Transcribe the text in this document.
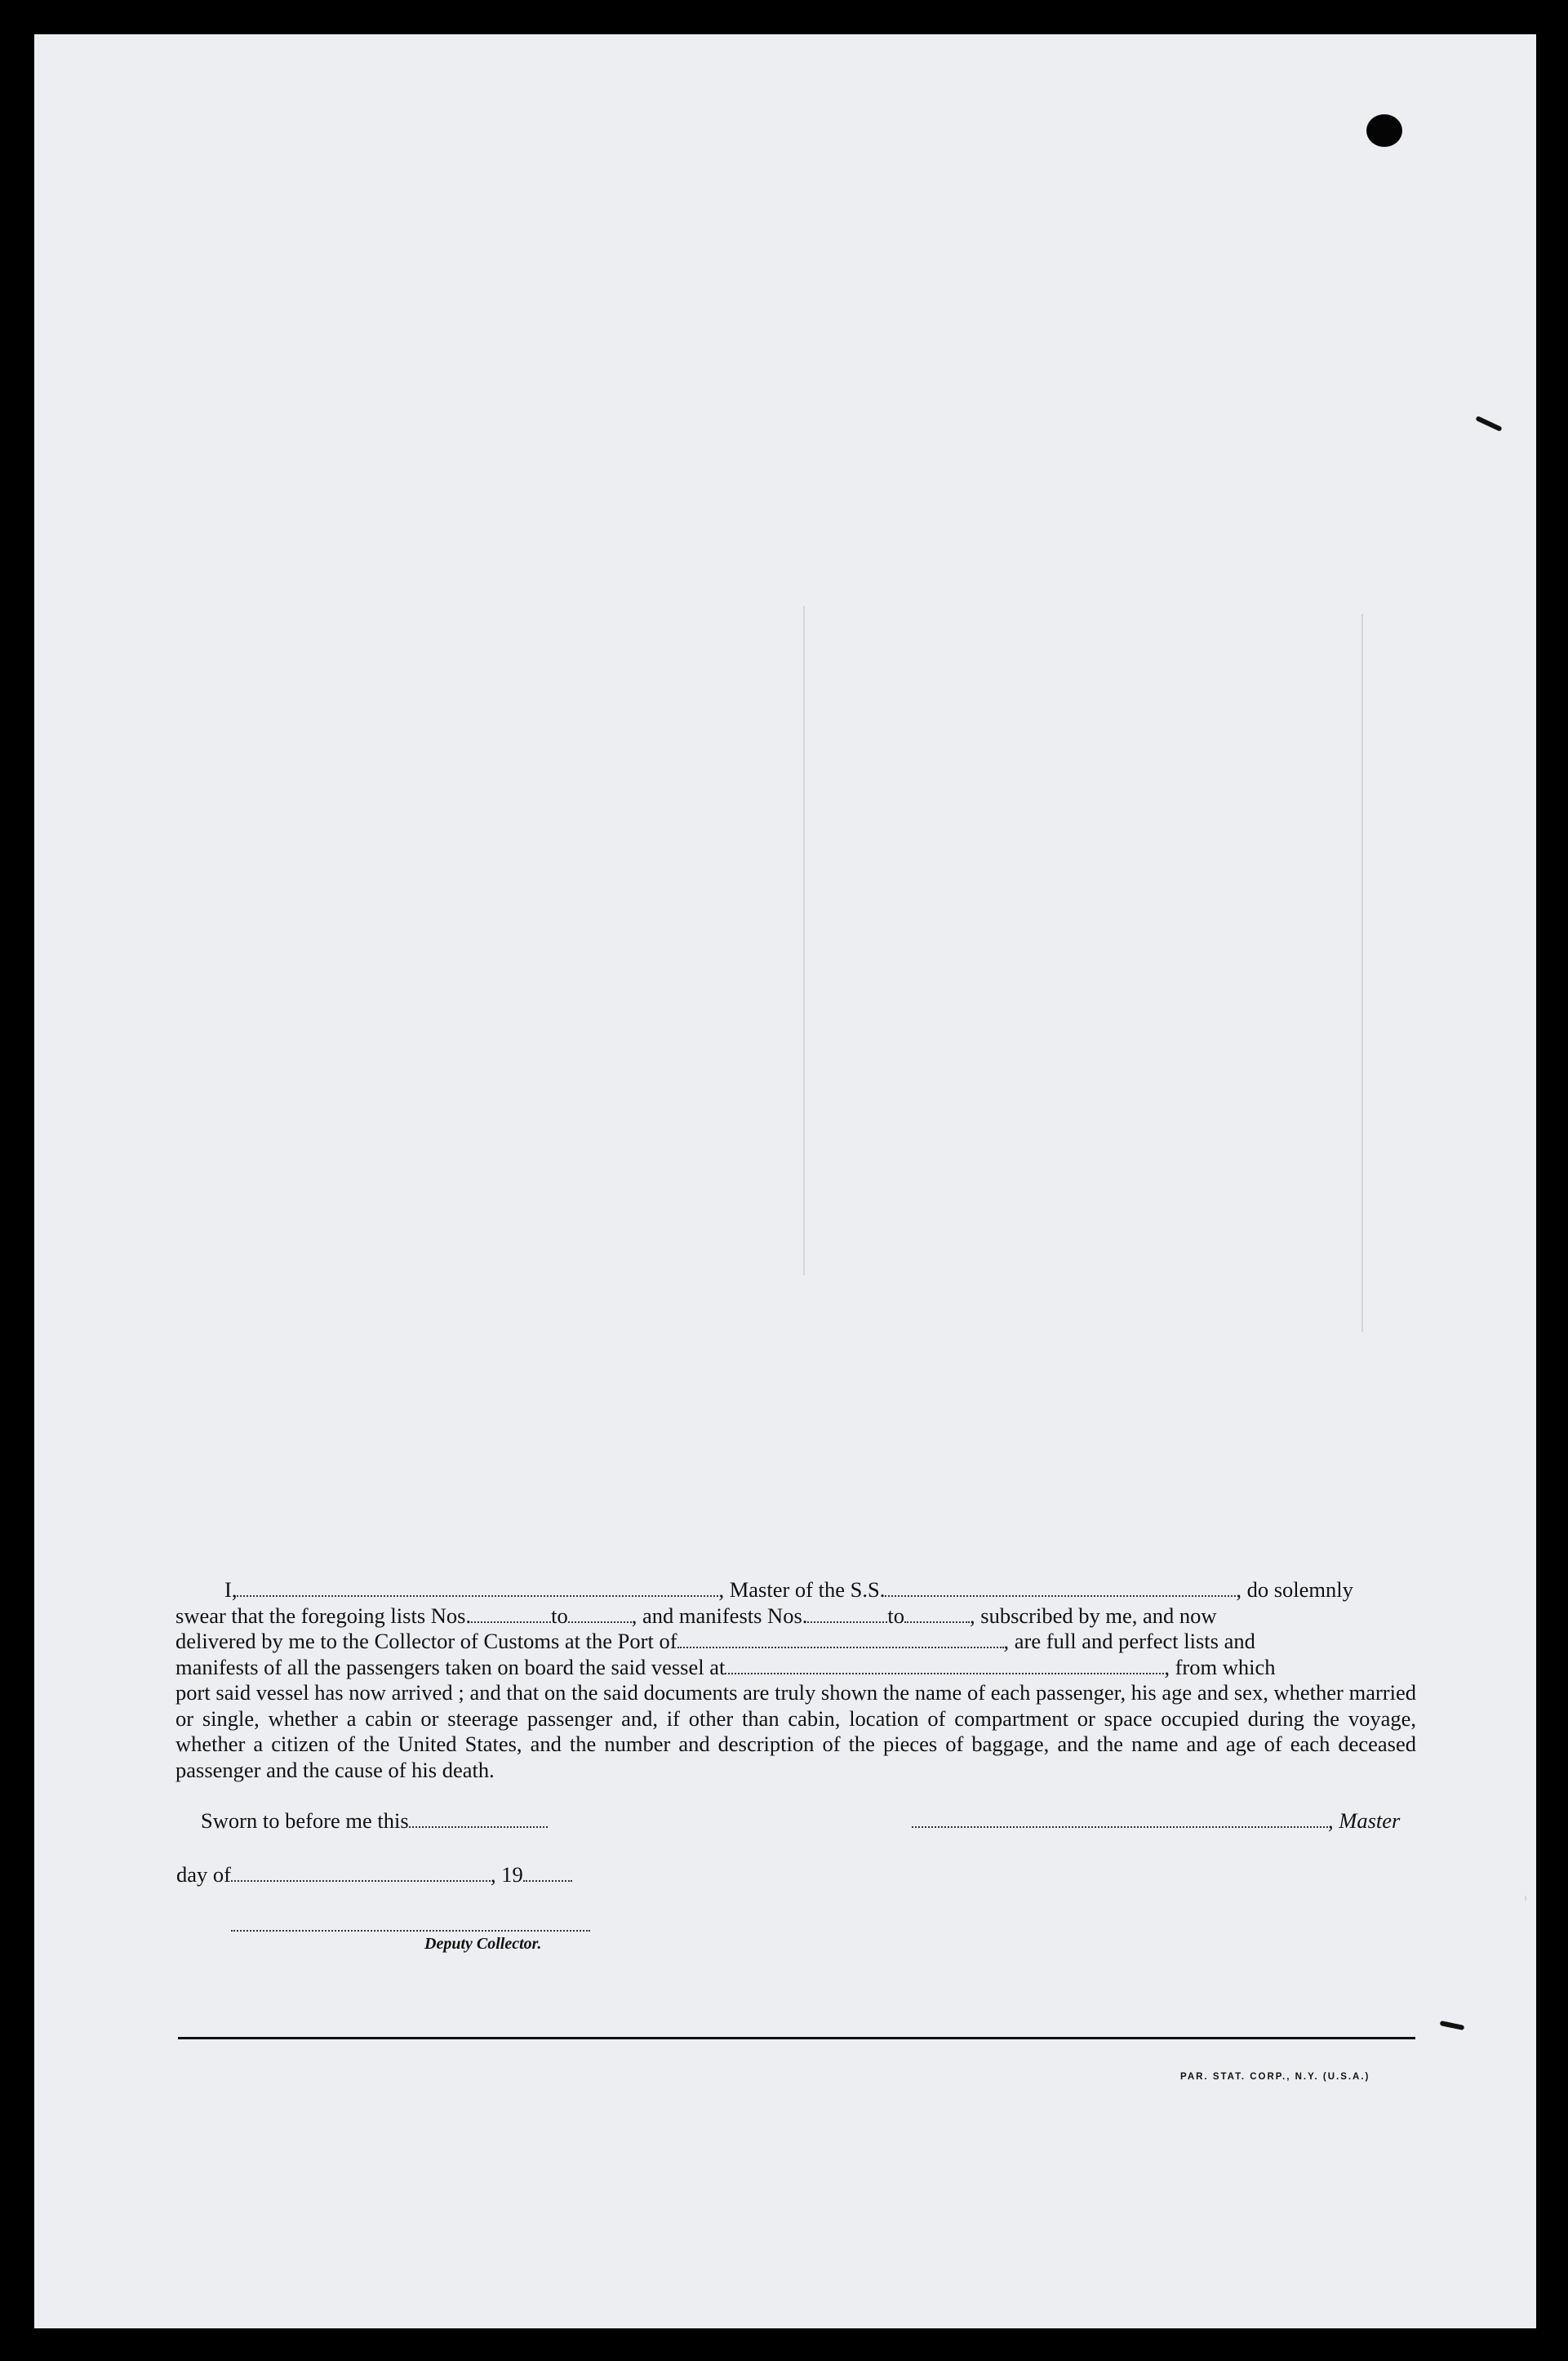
I,	, Master of the S.S.	, do solemnly

swear that the foregoing lists Nos.	to	, and manifests Nos.	to	, subscribed by me, and now

delivered by me to the Collector of Customs at the Port of	, are full and perfect lists and

manifests of all the passengers taken on board the said vessel at	, from which

port said vessel has now arrived ; and that on the said documents are truly shown the name of each passenger, his age and sex, whether married or single, whether a cabin or steerage passenger and, if other than cabin, location of compartment or space occupied during the voyage, whether a citizen of the United States, and the number and description of the pieces of baggage, and the name and age of each deceased passenger and the cause of his death.

Sworn to before me this	, Master
day of	, 19
Deputy Collector.
PAR. STAT. CORP., N.Y. (U.S.A.)
